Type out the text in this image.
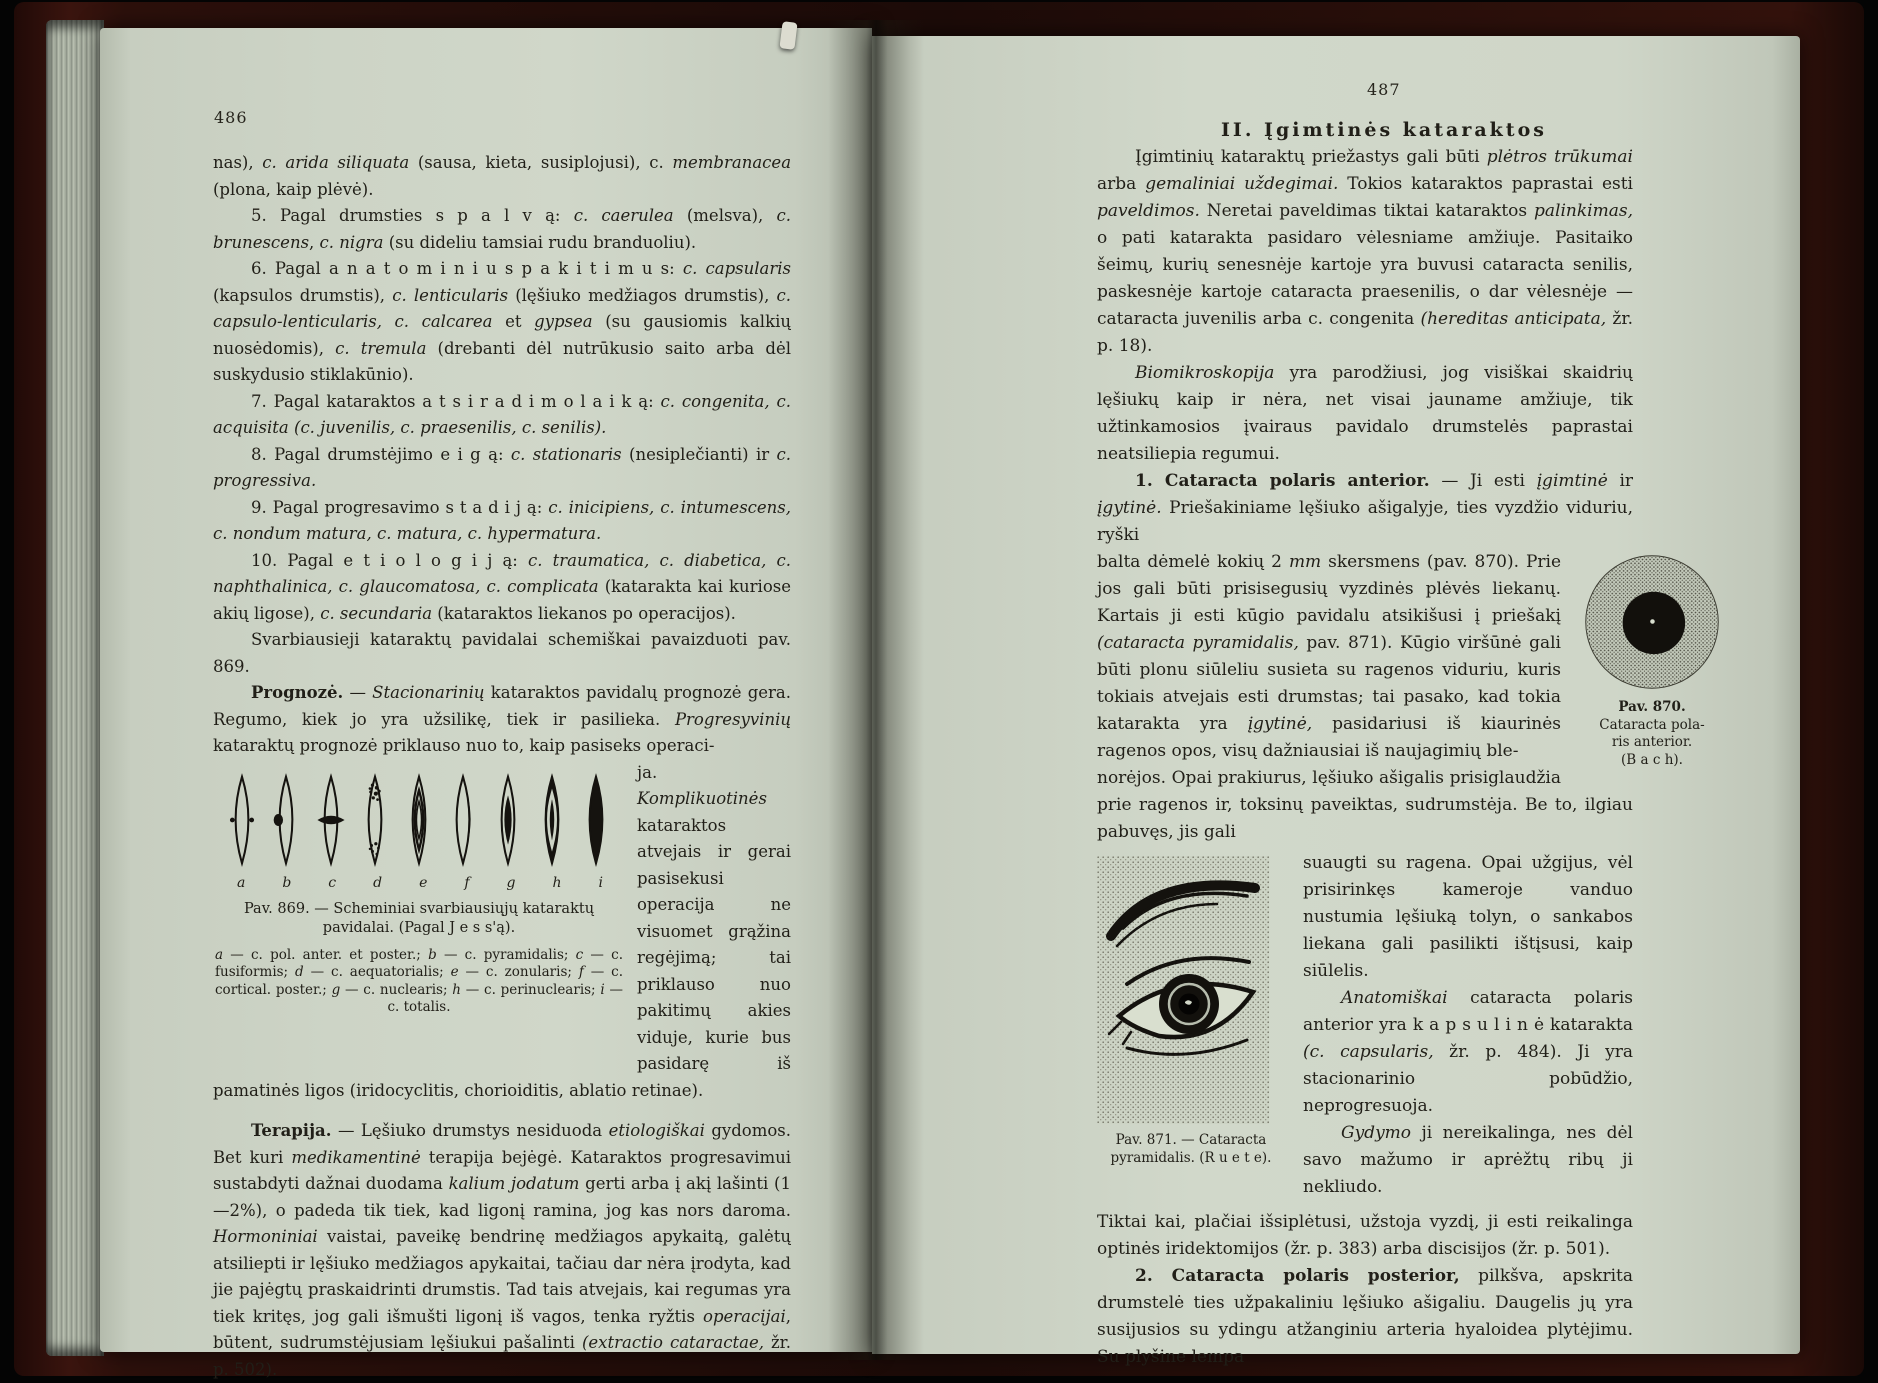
486

nas), c. arida siliquata (sausa, kieta, susiplojusi), c. membranacea (plona, kaip plėvė).

5. Pagal drumsties s p a l v ą: c. caerulea (melsva), c. brunescens, c. nigra (su dideliu tamsiai rudu branduoliu).

6. Pagal a n a t o m i n i u s p a k i t i m u s: c. capsularis (kapsulos drumstis), c. lenticularis (lęšiuko medžiagos drumstis), c. capsulo-lenticularis, c. calcarea et gypsea (su gausiomis kalkių nuosėdomis), c. tremula (drebanti dėl nutrūkusio saito arba dėl suskydusio stiklakūnio).

7. Pagal kataraktos a t s i r a d i m o l a i k ą: c. congenita, c. acquisita (c. juvenilis, c. praesenilis, c. senilis).

8. Pagal drumstėjimo e i g ą: c. stationaris (nesiplečianti) ir c. progressiva.

9. Pagal progresavimo s t a d i j ą: c. inicipiens, c. intumescens, c. nondum matura, c. matura, c. hypermatura.

10. Pagal e t i o l o g i j ą: c. traumatica, c. diabetica, c. naphthalinica, c. glaucomatosa, c. complicata (katarakta kai kuriose akių ligose), c. secundaria (kataraktos liekanos po operacijos).

Svarbiausieji kataraktų pavidalai schemiškai pavaizduoti pav. 869.

Prognozė. — Stacionarinių kataraktos pavidalų prognozė gera. Regumo, kiek jo yra užsilikę, tiek ir pasilieka. Progresyvinių kataraktų prognozė priklauso nuo to, kaip pasiseks operaci-

a	b	c	d	e	f	g	h	i
Pav. 869. — Scheminiai svarbiausiųjų kataraktų pavidalai. (Pagal J e s s'ą).
a — c. pol. anter. et poster.; b — c. pyramidalis; c — c. fusiformis; d — c. aequatorialis; e — c. zonularis; f — c. cortical. poster.; g — c. nuclearis; h — c. perinuclearis; i — c. totalis.

ja. Komplikuotinės kataraktos atvejais ir gerai pasisekusi operacija ne visuomet grąžina regėjimą; tai priklauso nuo pakitimų akies viduje, kurie bus pasidarę iš pamatinės ligos (iridocyclitis, chorioiditis, ablatio retinae).

Terapija. — Lęšiuko drumstys nesiduoda etiologiškai gydomos. Bet kuri medikamentinė terapija bejėgė. Kataraktos progresavimui sustabdyti dažnai duodama kalium jodatum gerti arba į akį lašinti (1—2%), o padeda tik tiek, kad ligonį ramina, jog kas nors daroma. Hormoniniai vaistai, paveikę bendrinę medžiagos apykaitą, galėtų atsiliepti ir lęšiuko medžiagos apykaitai, tačiau dar nėra įrodyta, kad jie pajėgtų praskaidrinti drumstis. Tad tais atvejais, kai regumas yra tiek kritęs, jog gali išmušti ligonį iš vagos, tenka ryžtis operacijai, būtent, sudrumstėjusiam lęšiukui pašalinti (extractio cataractae, žr. p. 502).

487

II. Įgimtinės kataraktos

Įgimtinių kataraktų priežastys gali būti plėtros trūkumai arba gemaliniai uždegimai. Tokios kataraktos paprastai esti paveldimos. Neretai paveldimas tiktai kataraktos palinkimas, o pati katarakta pasidaro vėlesniame amžiuje. Pasitaiko šeimų, kurių senesnėje kartoje yra buvusi cataracta senilis, paskesnėje kartoje cataracta praesenilis, o dar vėlesnėje — cataracta juvenilis arba c. congenita (hereditas anticipata, žr. p. 18).

Biomikroskopija yra parodžiusi, jog visiškai skaidrių lęšiukų kaip ir nėra, net visai jauname amžiuje, tik užtinkamosios įvairaus pavidalo drumstelės paprastai neatsiliepia regumui.

1. Cataracta polaris anterior. — Ji esti įgimtinė ir įgytinė. Priešakiniame lęšiuko ašigalyje, ties vyzdžio viduriu, ryški

Pav. 870.
Cataracta pola-
ris anterior.
(B a c h).
balta dėmelė kokių 2 mm skersmens (pav. 870). Prie jos gali būti prisisegusių vyzdinės plėvės liekanų. Kartais ji esti kūgio pavidalu atsikišusi į priešakį (cataracta pyramidalis, pav. 871). Kūgio viršūnė gali būti plonu siūleliu susieta su ragenos viduriu, kuris tokiais atvejais esti drumstas; tai pasako, kad tokia katarakta yra įgytinė, pasidariusi iš kiaurinės ragenos opos, visų dažniausiai iš naujagimių ble-

norėjos. Opai prakiurus, lęšiuko ašigalis prisiglaudžia prie ragenos ir, toksinų paveiktas, sudrumstėja. Be to, ilgiau pabuvęs, jis gali

Pav. 871. — Cataracta
pyramidalis. (R u e t e).

suaugti su ragena. Opai užgijus, vėl prisirinkęs kameroje vanduo nustumia lęšiuką tolyn, o sankabos liekana gali pasilikti ištįsusi, kaip siūlelis.

Anatomiškai cataracta polaris anterior yra k a p s u l i n ė katarakta (c. capsularis, žr. p. 484). Ji yra stacionarinio pobūdžio, neprogresuoja.

Gydymo ji nereikalinga, nes dėl savo mažumo ir aprėžtų ribų ji nekliudo.

Tiktai kai, plačiai išsiplėtusi, užstoja vyzdį, ji esti reikalinga optinės iridektomijos (žr. p. 383) arba discisijos (žr. p. 501).

2. Cataracta polaris posterior, pilkšva, apskrita drumstelė ties užpakaliniu lęšiuko ašigaliu. Daugelis jų yra susijusios su ydingu atžanginiu arteria hyaloidea plytėjimu. Su plyšine lempa
